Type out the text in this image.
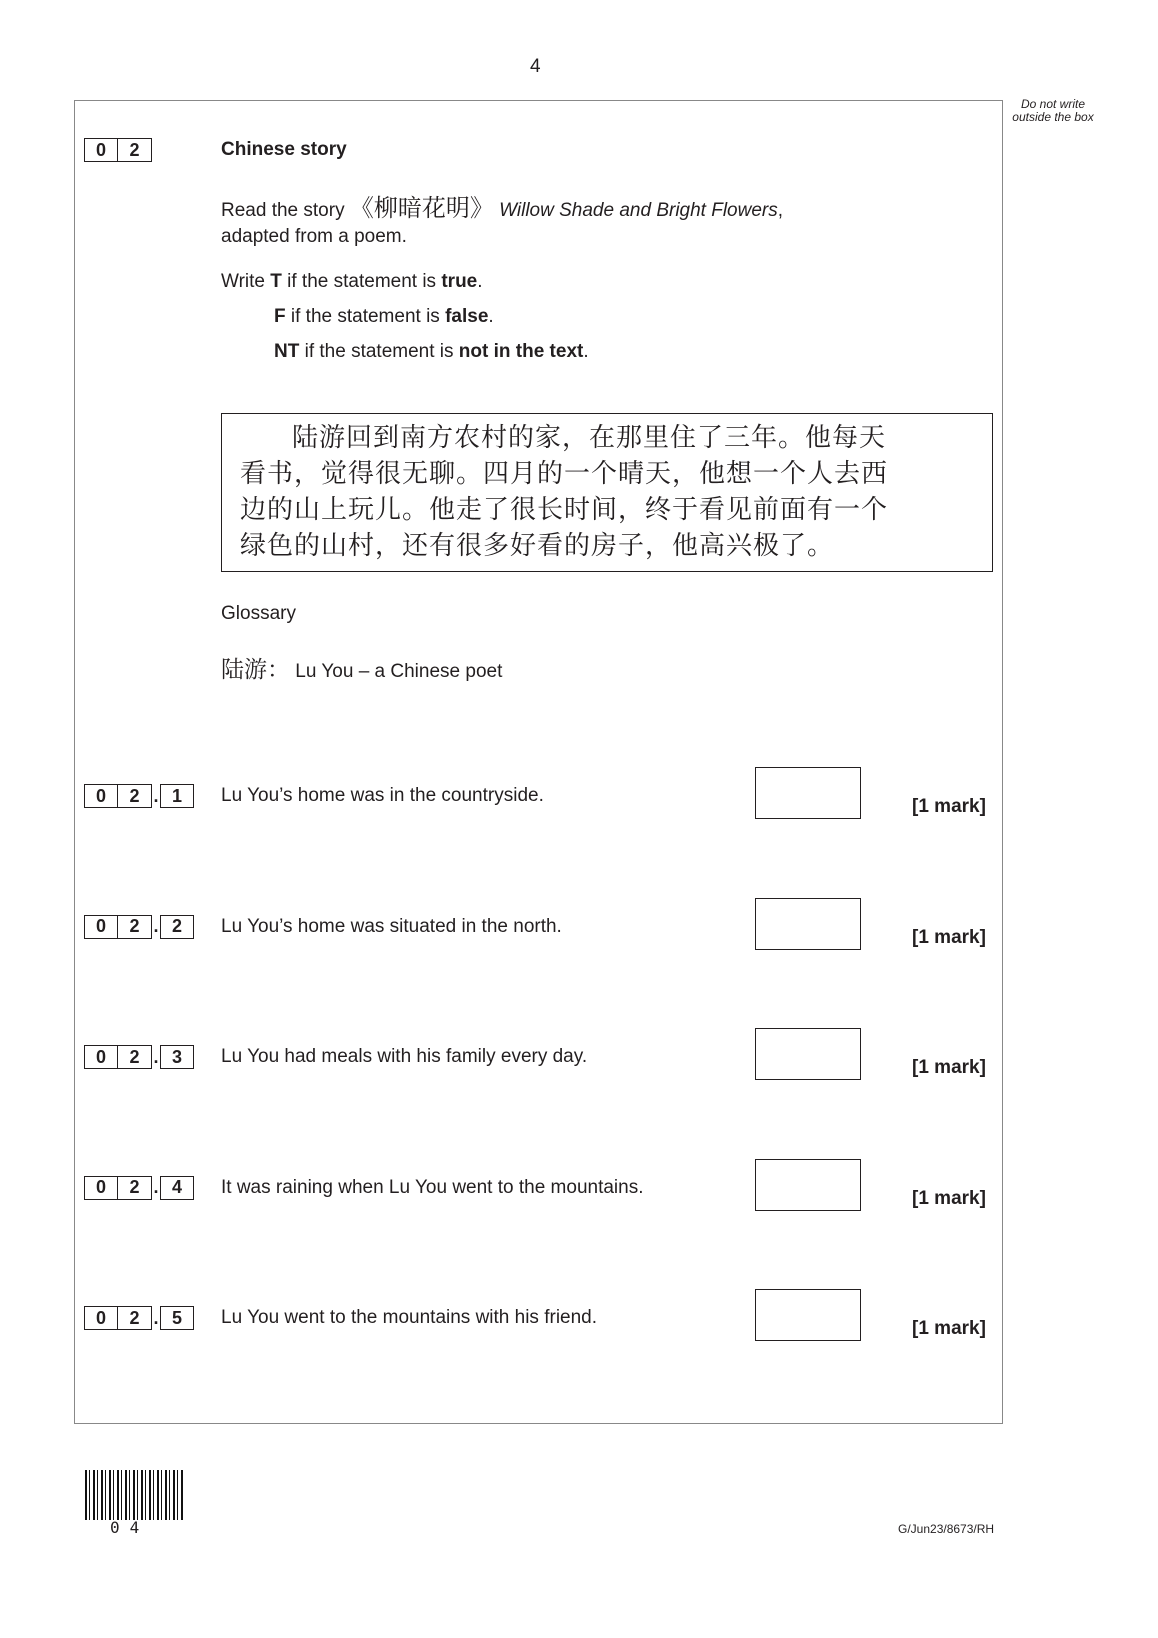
4
Do not write outside the box
0	2	Chinese story
Read the story 《柳暗花明》 Willow Shade and Bright Flowers,
adapted from a poem.
Write T if the statement is true.
F if the statement is false.
NT if the statement is not in the text.
陆游回到南方农村的家，在那里住了三年。他每天
看书，觉得很无聊。四月的一个晴天，他想一个人去西
边的山上玩儿。他走了很长时间，终于看见前面有一个
绿色的山村，还有很多好看的房子，他高兴极了。
Glossary
陆游： Lu You – a Chinese poet
0	2 . 1	Lu You’s home was in the countryside.
[1 mark]
0	2 . 2	Lu You’s home was situated in the north.
[1 mark]
0	2 . 3	Lu You had meals with his family every day.
[1 mark]
0	2 . 4	It was raining when Lu You went to the mountains.
[1 mark]
0	2 . 5	Lu You went to the mountains with his friend.
[1 mark]
04	G/Jun23/8673/RH
